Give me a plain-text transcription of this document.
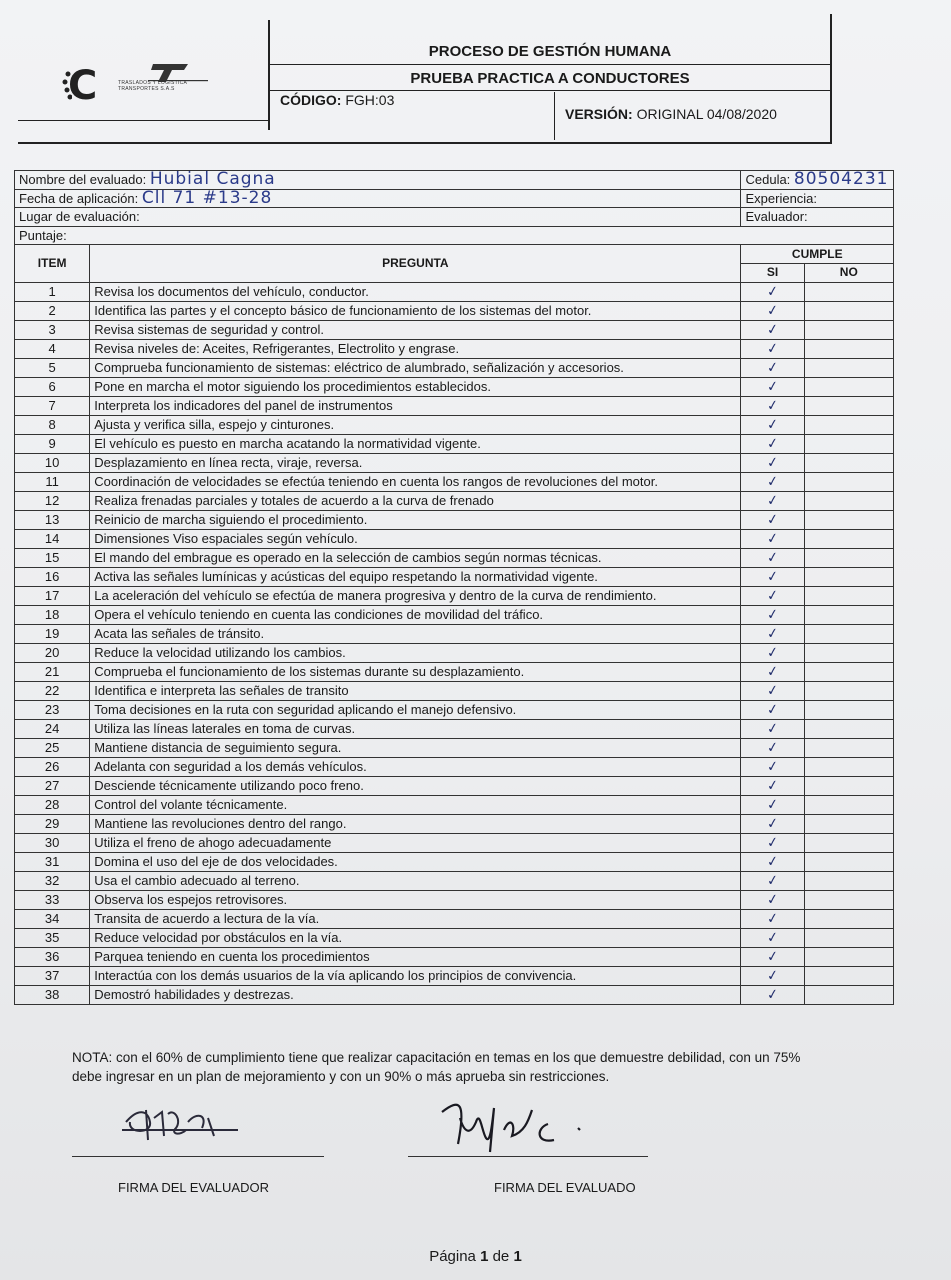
C	TRASLADOS Y LOGISTICA TRANSPORTES S.A.S
PROCESO DE GESTIÓN HUMANA
PRUEBA PRACTICA A CONDUCTORES
CÓDIGO: FGH:03
VERSIÓN: ORIGINAL 04/08/2020
Nombre del evaluado: Hubial Cagna		Cedula: 80504231	
Fecha de aplicación: Cll 71 #13-28		Experiencia:	
Lugar de evaluación:		Evaluador:	
Puntaje:			
ITEM	PREGUNTA	CUMPLE	
		SI	NO
1	Revisa los documentos del vehículo, conductor.	✓	
2	Identifica las partes y el concepto básico de funcionamiento de los sistemas del motor.	✓	
3	Revisa sistemas de seguridad y control.	✓	
4	Revisa niveles de: Aceites, Refrigerantes, Electrolito y engrase.	✓	
5	Comprueba funcionamiento de sistemas: eléctrico de alumbrado, señalización y accesorios.	✓	
6	Pone en marcha el motor siguiendo los procedimientos establecidos.	✓	
7	Interpreta los indicadores del panel de instrumentos	✓	
8	Ajusta y verifica silla, espejo y cinturones.	✓	
9	El vehículo es puesto en marcha acatando la normatividad vigente.	✓	
10	Desplazamiento en línea recta, viraje, reversa.	✓	
11	Coordinación de velocidades se efectúa teniendo en cuenta los rangos de revoluciones del motor.	✓	
12	Realiza frenadas parciales y totales de acuerdo a la curva de frenado	✓	
13	Reinicio de marcha siguiendo el procedimiento.	✓	
14	Dimensiones Viso espaciales según vehículo.	✓	
15	El mando del embrague es operado en la selección de cambios según normas técnicas.	✓	
16	Activa las señales lumínicas y acústicas del equipo respetando la normatividad vigente.	✓	
17	La aceleración del vehículo se efectúa de manera progresiva y dentro de la curva de rendimiento.	✓	
18	Opera el vehículo teniendo en cuenta las condiciones de movilidad del tráfico.	✓	
19	Acata las señales de tránsito.	✓	
20	Reduce la velocidad utilizando los cambios.	✓	
21	Comprueba el funcionamiento de los sistemas durante su desplazamiento.	✓	
22	Identifica e interpreta las señales de transito	✓	
23	Toma decisiones en la ruta con seguridad aplicando el manejo defensivo.	✓	
24	Utiliza las líneas laterales en toma de curvas.	✓	
25	Mantiene distancia de seguimiento segura.	✓	
26	Adelanta con seguridad a los demás vehículos.	✓	
27	Desciende técnicamente utilizando poco freno.	✓	
28	Control del volante técnicamente.	✓	
29	Mantiene las revoluciones dentro del rango.	✓	
30	Utiliza el freno de ahogo adecuadamente	✓	
31	Domina el uso del eje de dos velocidades.	✓	
32	Usa el cambio adecuado al terreno.	✓	
33	Observa los espejos retrovisores.	✓	
34	Transita de acuerdo a lectura de la vía.	✓	
35	Reduce velocidad por obstáculos en la vía.	✓	
36	Parquea teniendo en cuenta los procedimientos	✓	
37	Interactúa con los demás usuarios de la vía aplicando los principios de convivencia.	✓	
38	Demostró habilidades y destrezas.	✓	
NOTA: con el 60% de cumplimiento tiene que realizar capacitación en temas en los que demuestre debilidad, con un 75%
debe ingresar en un plan de mejoramiento y con un 90% o más aprueba sin restricciones.
FIRMA DEL EVALUADOR	FIRMA DEL EVALUADO
Página 1 de 1
